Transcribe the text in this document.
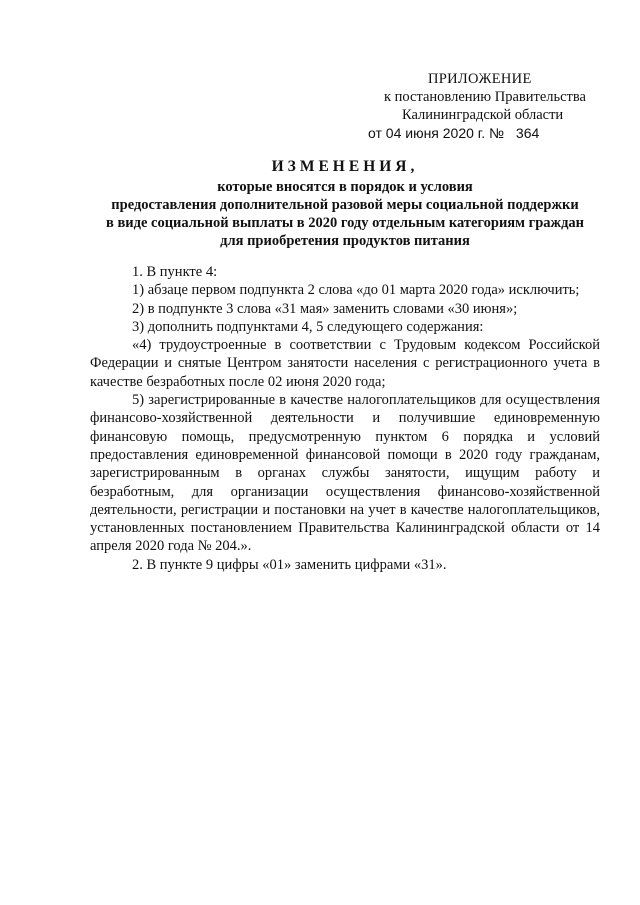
ПРИЛОЖЕНИЕ
к постановлению Правительства
Калининградской области
от 04 июня 2020 г. № 364
ИЗМЕНЕНИЯ,
которые вносятся в порядок и условия
предоставления дополнительной разовой меры социальной поддержки
в виде социальной выплаты в 2020 году отдельным категориям граждан
для приобретения продуктов питания

1. В пункте 4:

1) абзаце первом подпункта 2 слова «до 01 марта 2020 года» исключить;

2) в подпункте 3 слова «31 мая» заменить словами «30 июня»;

3) дополнить подпунктами 4, 5 следующего содержания:

«4) трудоустроенные в соответствии с Трудовым кодексом Российской Федерации и снятые Центром занятости населения с регистрационного учета в качестве безработных после 02 июня 2020 года;

5) зарегистрированные в качестве налогоплательщиков для осуществления финансово-хозяйственной деятельности и получившие единовременную финансовую помощь, предусмотренную пунктом 6 порядка и условий предоставления единовременной финансовой помощи в 2020 году гражданам, зарегистрированным в органах службы занятости, ищущим работу и безработным, для организации осуществления финансово-хозяйственной деятельности, регистрации и постановки на учет в качестве налогоплательщиков, установленных постановлением Правительства Калининградской области от 14 апреля 2020 года № 204.».

2. В пункте 9 цифры «01» заменить цифрами «31».
